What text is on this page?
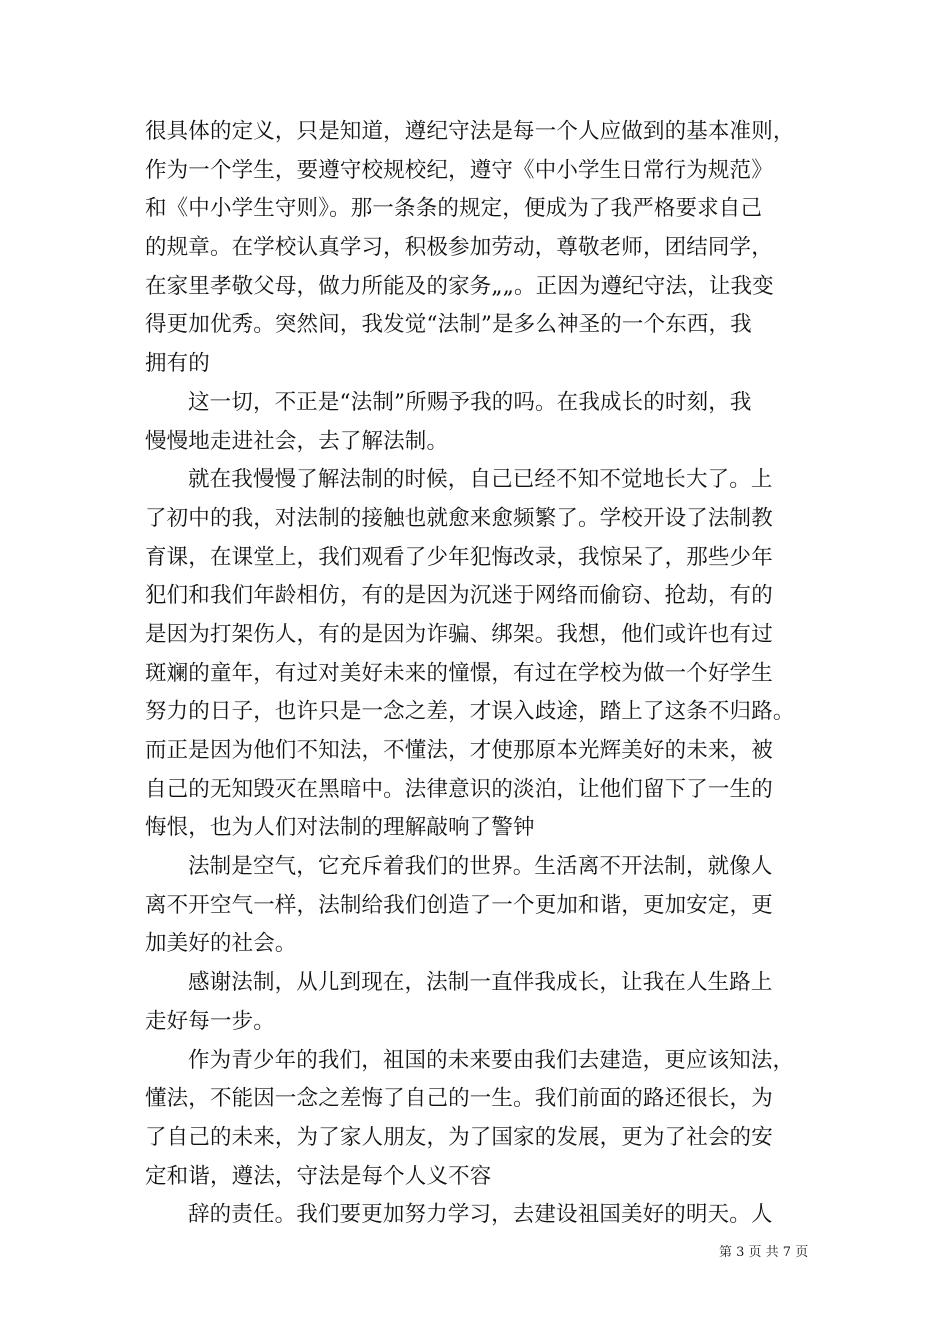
很具体的定义，只是知道，遵纪守法是每一个人应做到的基本准则，
作为一个学生，要遵守校规校纪，遵守《中小学生日常行为规范》
和《中小学生守则》。那一条条的规定，便成为了我严格要求自己
的规章。在学校认真学习，积极参加劳动，尊敬老师，团结同学，
在家里孝敬父母，做力所能及的家务„„。正因为遵纪守法，让我变
得更加优秀。突然间，我发觉“法制”是多么神圣的一个东西，我
拥有的
这一切，不正是“法制”所赐予我的吗。在我成长的时刻，我
慢慢地走进社会，去了解法制。
就在我慢慢了解法制的时候，自己已经不知不觉地长大了。上
了初中的我，对法制的接触也就愈来愈频繁了。学校开设了法制教
育课，在课堂上，我们观看了少年犯悔改录，我惊呆了，那些少年
犯们和我们年龄相仿，有的是因为沉迷于网络而偷窃、抢劫，有的
是因为打架伤人，有的是因为诈骗、绑架。我想，他们或许也有过
斑斓的童年，有过对美好未来的憧憬，有过在学校为做一个好学生
努力的日子，也许只是一念之差，才误入歧途，踏上了这条不归路。
而正是因为他们不知法，不懂法，才使那原本光辉美好的未来，被
自己的无知毁灭在黑暗中。法律意识的淡泊，让他们留下了一生的
悔恨，也为人们对法制的理解敲响了警钟
法制是空气，它充斥着我们的世界。生活离不开法制，就像人
离不开空气一样，法制给我们创造了一个更加和谐，更加安定，更
加美好的社会。
感谢法制，从儿到现在，法制一直伴我成长，让我在人生路上
走好每一步。
作为青少年的我们，祖国的未来要由我们去建造，更应该知法，
懂法，不能因一念之差悔了自己的一生。我们前面的路还很长，为
了自己的未来，为了家人朋友，为了国家的发展，更为了社会的安
定和谐，遵法，守法是每个人义不容
辞的责任。我们要更加努力学习，去建设祖国美好的明天。人
第 3 页 共 7 页
